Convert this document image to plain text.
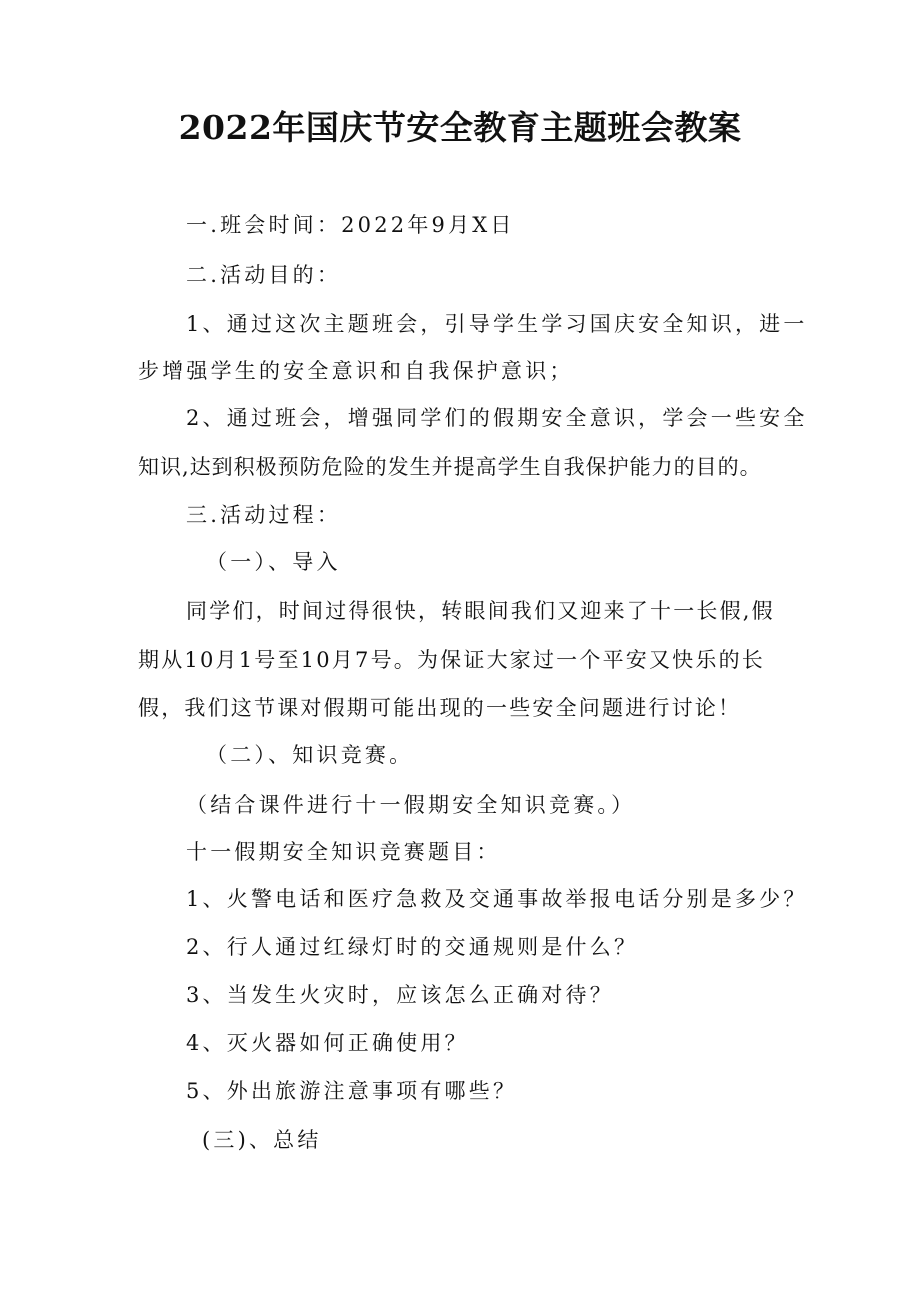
2022年国庆节安全教育主题班会教案
一.班会时间：2022年9月X日
二.活动目的：
1、通过这次主题班会，引导学生学习国庆安全知识，进一
步增强学生的安全意识和自我保护意识；
2、通过班会，增强同学们的假期安全意识，学会一些安全
知识,达到积极预防危险的发生并提高学生自我保护能力的目的。
三.活动过程：
（一）、导入
同学们，时间过得很快，转眼间我们又迎来了十一长假,假
期从10月1号至10月7号。为保证大家过一个平安又快乐的长
假，我们这节课对假期可能出现的一些安全问题进行讨论！
（二）、知识竞赛。
（结合课件进行十一假期安全知识竞赛。）
十一假期安全知识竞赛题目：
1、火警电话和医疗急救及交通事故举报电话分别是多少？
2、行人通过红绿灯时的交通规则是什么？
3、当发生火灾时，应该怎么正确对待？
4、灭火器如何正确使用？
5、外出旅游注意事项有哪些？
(三)、总结
